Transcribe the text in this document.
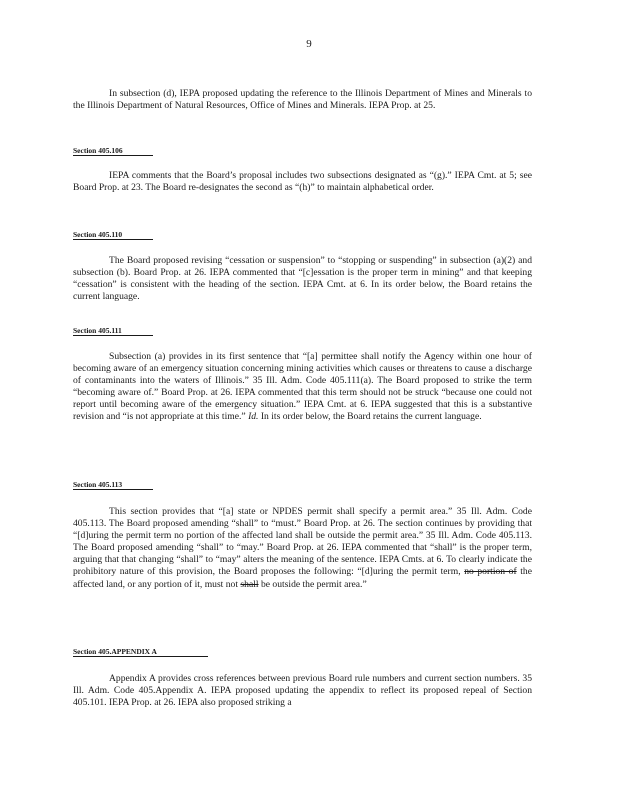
9

In subsection (d), IEPA proposed updating the reference to the Illinois Department of Mines and Minerals to the Illinois Department of Natural Resources, Office of Mines and Minerals. IEPA Prop. at 25.

Section 405.106

IEPA comments that the Board’s proposal includes two subsections designated as “(g).” IEPA Cmt. at 5; see Board Prop. at 23. The Board re-designates the second as “(h)” to maintain alphabetical order.

Section 405.110

The Board proposed revising “cessation or suspension” to “stopping or suspending” in subsection (a)(2) and subsection (b). Board Prop. at 26. IEPA commented that “[c]essation is the proper term in mining” and that keeping “cessation” is consistent with the heading of the section. IEPA Cmt. at 6. In its order below, the Board retains the current language.

Section 405.111

Subsection (a) provides in its first sentence that “[a] permittee shall notify the Agency within one hour of becoming aware of an emergency situation concerning mining activities which causes or threatens to cause a discharge of contaminants into the waters of Illinois.” 35 Ill. Adm. Code 405.111(a). The Board proposed to strike the term “becoming aware of.” Board Prop. at 26. IEPA commented that this term should not be struck “because one could not report until becoming aware of the emergency situation.” IEPA Cmt. at 6. IEPA suggested that this is a substantive revision and “is not appropriate at this time.” Id. In its order below, the Board retains the current language.

Section 405.113

This section provides that “[a] state or NPDES permit shall specify a permit area.” 35 Ill. Adm. Code 405.113. The Board proposed amending “shall” to “must.” Board Prop. at 26. The section continues by providing that “[d]uring the permit term no portion of the affected land shall be outside the permit area.” 35 Ill. Adm. Code 405.113. The Board proposed amending “shall” to “may.” Board Prop. at 26. IEPA commented that “shall” is the proper term, arguing that that changing “shall” to “may” alters the meaning of the sentence. IEPA Cmts. at 6. To clearly indicate the prohibitory nature of this provision, the Board proposes the following: “[d]uring the permit term, no portion of the affected land, or any portion of it, must not shall be outside the permit area.”

Section 405.APPENDIX A

Appendix A provides cross references between previous Board rule numbers and current section numbers. 35 Ill. Adm. Code 405.Appendix A. IEPA proposed updating the appendix to reflect its proposed repeal of Section 405.101. IEPA Prop. at 26. IEPA also proposed striking a
